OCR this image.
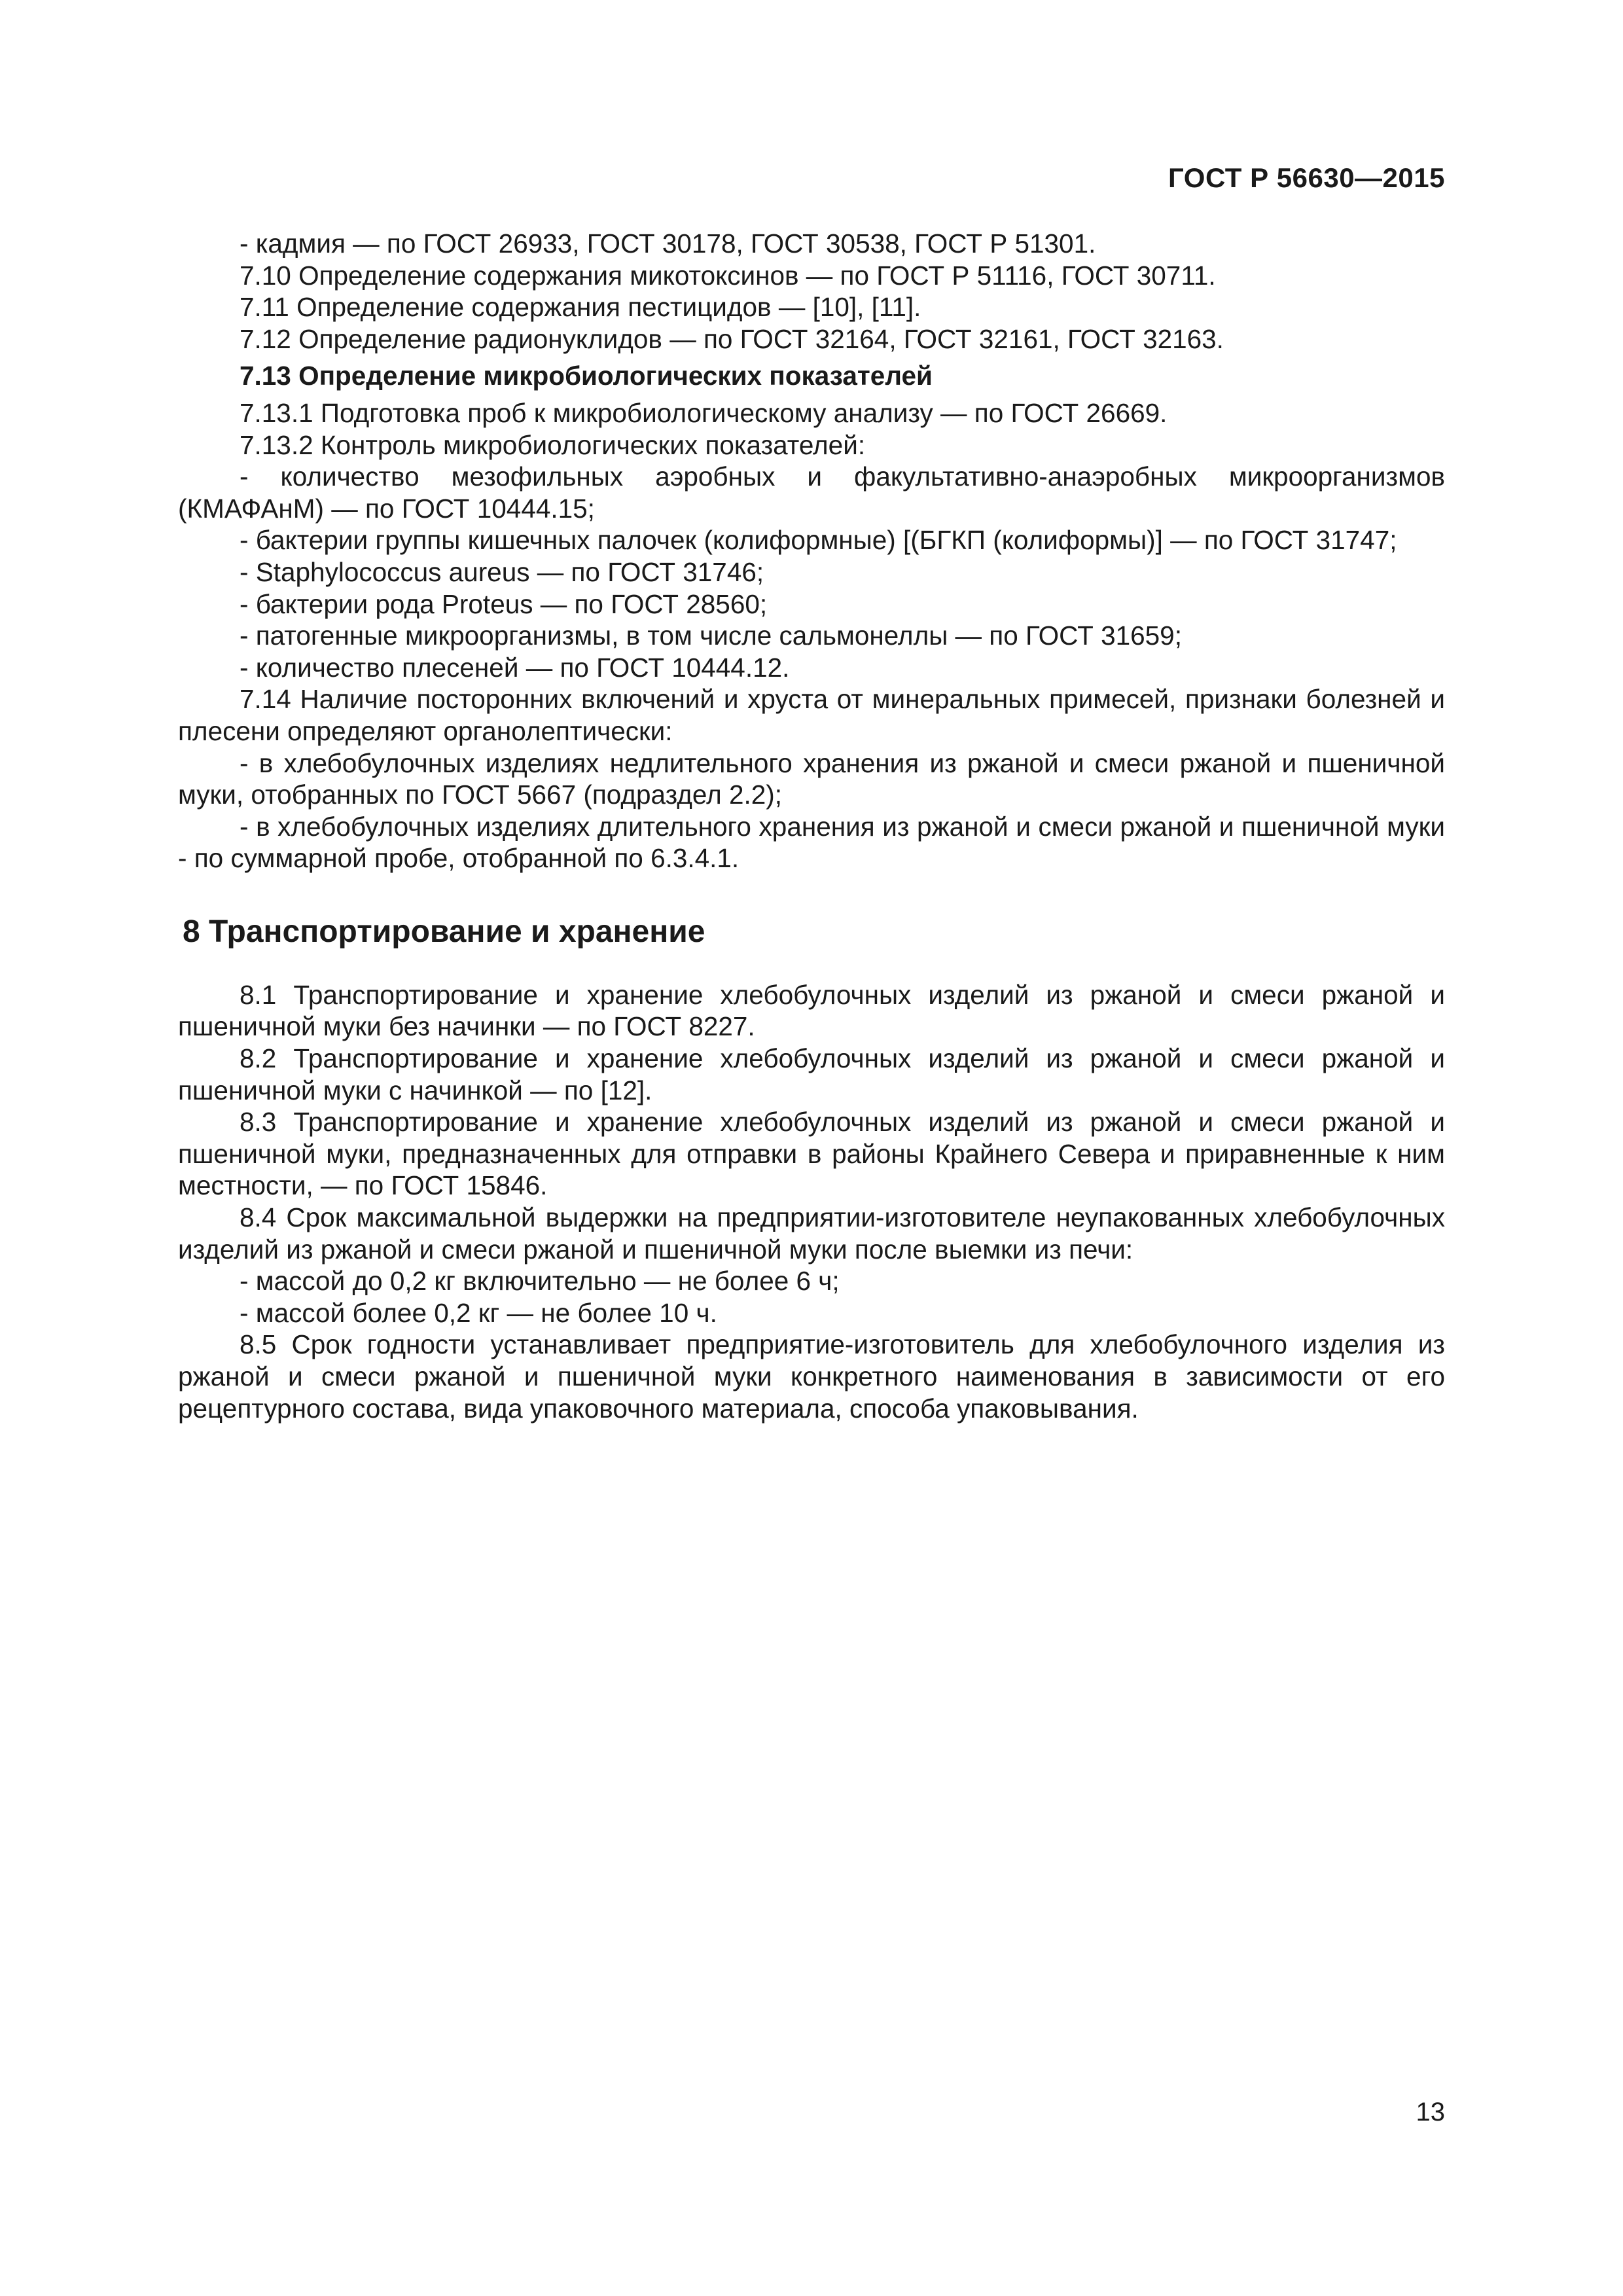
ГОСТ Р 56630—2015

- кадмия — по ГОСТ 26933, ГОСТ 30178, ГОСТ 30538, ГОСТ Р 51301.

7.10 Определение содержания микотоксинов — по ГОСТ Р 51116, ГОСТ 30711.

7.11 Определение содержания пестицидов — [10], [11].

7.12 Определение радионуклидов — по ГОСТ 32164, ГОСТ 32161, ГОСТ 32163.

7.13 Определение микробиологических показателей

7.13.1 Подготовка проб к микробиологическому анализу — по ГОСТ 26669.

7.13.2 Контроль микробиологических показателей:

- количество мезофильных аэробных и факультативно-анаэробных микроорганизмов (КМАФАнМ) — по ГОСТ 10444.15;

- бактерии группы кишечных палочек (колиформные) [(БГКП (колиформы)] — по ГОСТ 31747;

- Staphylococcus aureus — по ГОСТ 31746;

- бактерии рода Proteus — по ГОСТ 28560;

- патогенные микроорганизмы, в том числе сальмонеллы — по ГОСТ 31659;

- количество плесеней — по ГОСТ 10444.12.

7.14 Наличие посторонних включений и хруста от минеральных примесей, признаки болезней и плесени определяют органолептически:

- в хлебобулочных изделиях недлительного хранения из ржаной и смеси ржаной и пшеничной муки, отобранных по ГОСТ 5667 (подраздел 2.2);

- в хлебобулочных изделиях длительного хранения из ржаной и смеси ржаной и пшеничной муки - по суммарной пробе, отобранной по 6.3.4.1.

8 Транспортирование и хранение

8.1 Транспортирование и хранение хлебобулочных изделий из ржаной и смеси ржаной и пшеничной муки без начинки — по ГОСТ 8227.

8.2 Транспортирование и хранение хлебобулочных изделий из ржаной и смеси ржаной и пшеничной муки с начинкой — по [12].

8.3 Транспортирование и хранение хлебобулочных изделий из ржаной и смеси ржаной и пшеничной муки, предназначенных для отправки в районы Крайнего Севера и приравненные к ним местности, — по ГОСТ 15846.

8.4 Срок максимальной выдержки на предприятии-изготовителе неупакованных хлебобулочных изделий из ржаной и смеси ржаной и пшеничной муки после выемки из печи:

- массой до 0,2 кг включительно — не более 6 ч;

- массой более 0,2 кг — не более 10 ч.

8.5 Срок годности устанавливает предприятие-изготовитель для хлебобулочного изделия из ржаной и смеси ржаной и пшеничной муки конкретного наименования в зависимости от его рецептурного состава, вида упаковочного материала, способа упаковывания.

13
